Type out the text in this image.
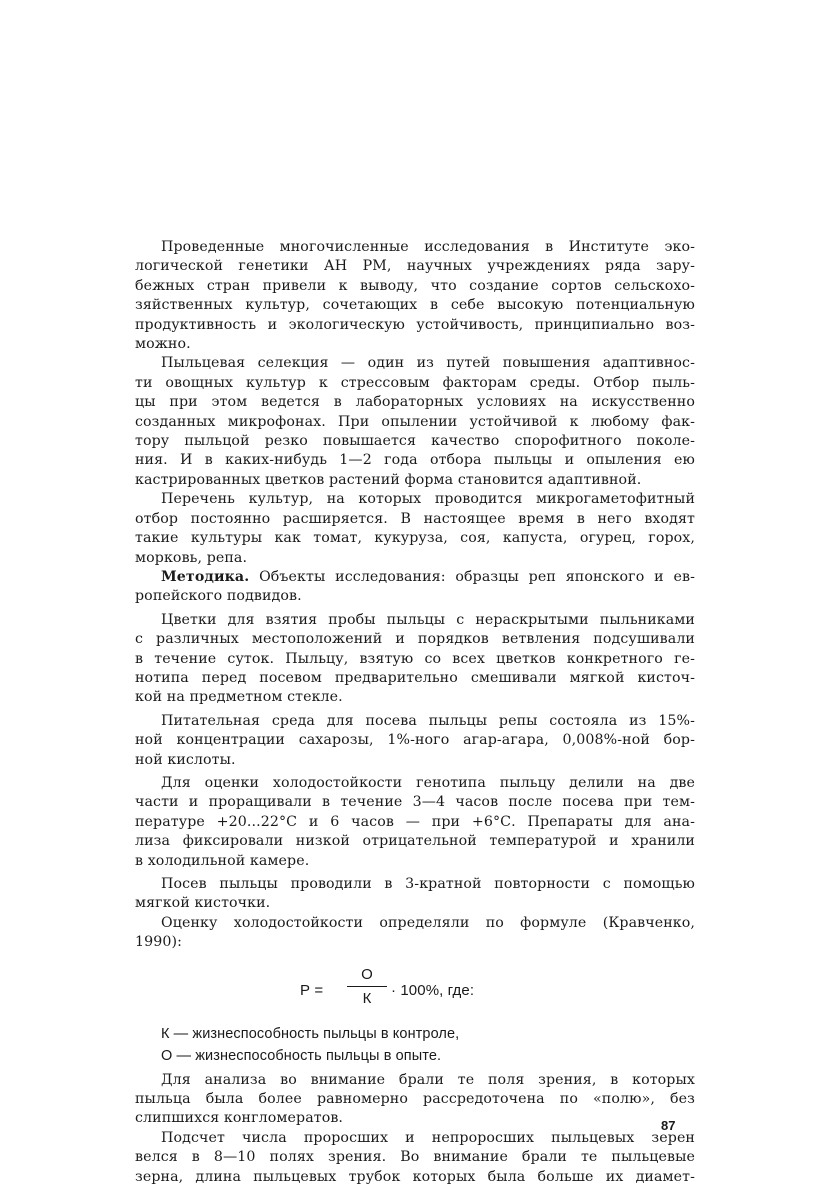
Проведенные многочисленные исследования в Институте эко-
логической генетики АН РМ, научных учреждениях ряда зару-
бежных стран привели к выводу, что создание сортов сельскохо-
зяйственных культур, сочетающих в себе высокую потенциальную
продуктивность и экологическую устойчивость, принципиально воз-
можно.
Пыльцевая селекция — один из путей повышения адаптивнос-
ти овощных культур к стрессовым факторам среды. Отбор пыль-
цы при этом ведется в лабораторных условиях на искусственно
созданных микрофонах. При опылении устойчивой к любому фак-
тору пыльцой резко повышается качество спорофитного поколе-
ния. И в каких-нибудь 1—2 года отбора пыльцы и опыления ею
кастрированных цветков растений форма становится адаптивной.
Перечень культур, на которых проводится микрогаметофитный
отбор постоянно расширяется. В настоящее время в него входят
такие культуры как томат, кукуруза, соя, капуста, огурец, горох,
морковь, репа.
Методика. Объекты исследования: образцы реп японского и ев-
ропейского подвидов.
Цветки для взятия пробы пыльцы с нераскрытыми пыльниками
с различных местоположений и порядков ветвления подсушивали
в течение суток. Пыльцу, взятую со всех цветков конкретного ге-
нотипа перед посевом предварительно смешивали мягкой кисточ-
кой на предметном стекле.
Питательная среда для посева пыльцы репы состояла из 15%-
ной концентрации сахарозы, 1%-ного агар-агара, 0,008%-ной бор-
ной кислоты.
Для оценки холодостойкости генотипа пыльцу делили на две
части и проращивали в течение 3—4 часов после посева при тем-
пературе +20...22°С и 6 часов — при +6°С. Препараты для ана-
лиза фиксировали низкой отрицательной температурой и хранили
в холодильной камере.
Посев пыльцы проводили в 3-кратной повторности с помощью
мягкой кисточки.
Оценку холодостойкости определяли по формуле (Кравченко,
1990):
Р =
О
К	· 100%, где:
К — жизнеспособность пыльцы в контроле,
О — жизнеспособность пыльцы в опыте.
Для анализа во внимание брали те поля зрения, в которых
пыльца была более равномерно рассредоточена по «полю», без
слипшихся конгломератов.
Подсчет числа проросших и непроросших пыльцевых зерен
велся в 8—10 полях зрения. Во внимание брали те пыльцевые
зерна, длина пыльцевых трубок которых была больше их диамет-
87
